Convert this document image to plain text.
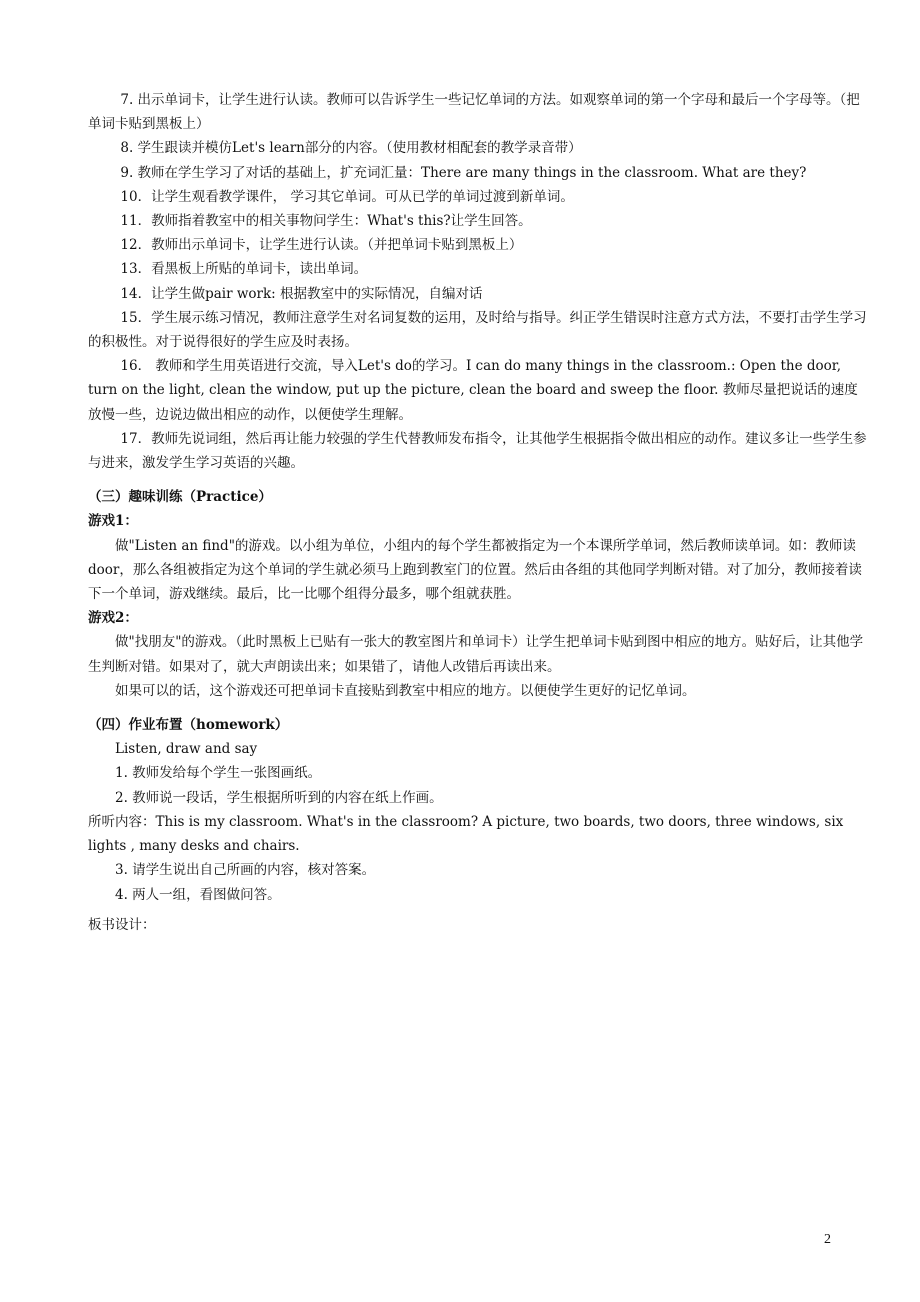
7. 出示单词卡，让学生进行认读。教师可以告诉学生一些记忆单词的方法。如观察单词的第一个字母和最后一个字母等。（把单词卡贴到黑板上）

8. 学生跟读并模仿Let's learn部分的内容。（使用教材相配套的教学录音带）

9. 教师在学生学习了对话的基础上，扩充词汇量：There are many things in the classroom. What are they?

10．让学生观看教学课件， 学习其它单词。可从已学的单词过渡到新单词。

11．教师指着教室中的相关事物问学生：What's this?让学生回答。

12．教师出示单词卡，让学生进行认读。（并把单词卡贴到黑板上）

13．看黑板上所贴的单词卡，读出单词。

14．让学生做pair work: 根据教室中的实际情况，自编对话

15．学生展示练习情况，教师注意学生对名词复数的运用，及时给与指导。纠正学生错误时注意方式方法，不要打击学生学习的积极性。对于说得很好的学生应及时表扬。

16． 教师和学生用英语进行交流，导入Let's do的学习。I can do many things in the classroom.: Open the door, turn on the light, clean the window, put up the picture, clean the board and sweep the floor. 教师尽量把说话的速度放慢一些，边说边做出相应的动作，以便使学生理解。

17．教师先说词组，然后再让能力较强的学生代替教师发布指令，让其他学生根据指令做出相应的动作。建议多让一些学生参与进来，激发学生学习英语的兴趣。

（三）趣味训练（Practice）

游戏1：

做"Listen an find"的游戏。以小组为单位，小组内的每个学生都被指定为一个本课所学单词，然后教师读单词。如：教师读door，那么各组被指定为这个单词的学生就必须马上跑到教室门的位置。然后由各组的其他同学判断对错。对了加分，教师接着读下一个单词，游戏继续。最后，比一比哪个组得分最多，哪个组就获胜。

游戏2：

做"找朋友"的游戏。（此时黑板上已贴有一张大的教室图片和单词卡）让学生把单词卡贴到图中相应的地方。贴好后，让其他学生判断对错。如果对了，就大声朗读出来；如果错了，请他人改错后再读出来。

如果可以的话，这个游戏还可把单词卡直接贴到教室中相应的地方。以便使学生更好的记忆单词。

（四）作业布置（homework）

Listen, draw and say

1. 教师发给每个学生一张图画纸。

2. 教师说一段话，学生根据所听到的内容在纸上作画。

所听内容：This is my classroom. What's in the classroom? A picture, two boards, two doors, three windows, six lights , many desks and chairs.

3. 请学生说出自己所画的内容，核对答案。

4. 两人一组，看图做问答。

板书设计：

2
